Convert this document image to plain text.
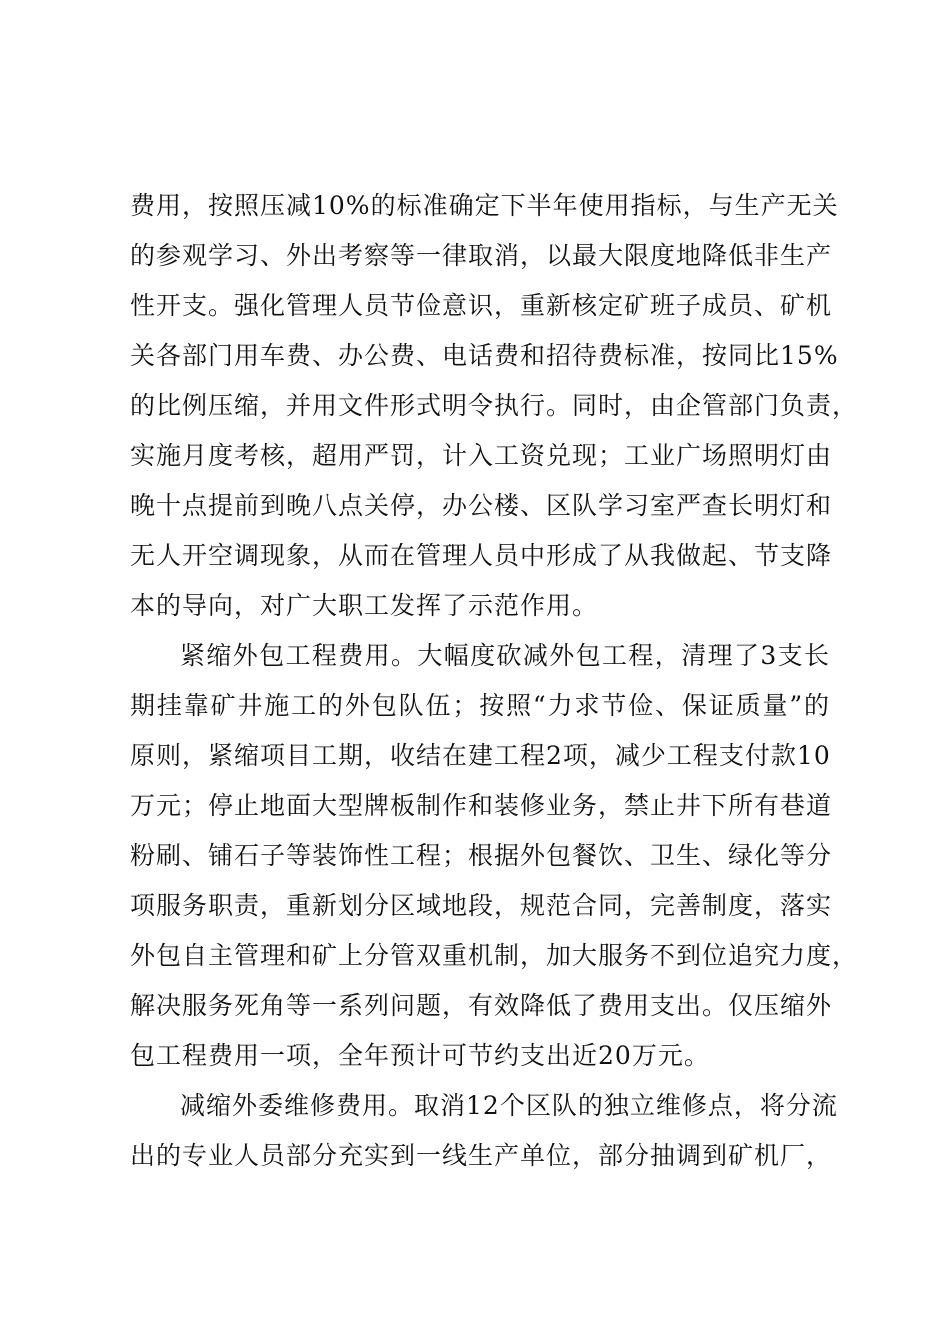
费用，按照压减10%的标准确定下半年使用指标，与生产无关
的参观学习、外出考察等一律取消，以最大限度地降低非生产
性开支。强化管理人员节俭意识，重新核定矿班子成员、矿机
关各部门用车费、办公费、电话费和招待费标准，按同比15%
的比例压缩，并用文件形式明令执行。同时，由企管部门负责，
实施月度考核，超用严罚，计入工资兑现；工业广场照明灯由
晚十点提前到晚八点关停，办公楼、区队学习室严查长明灯和
无人开空调现象，从而在管理人员中形成了从我做起、节支降
本的导向，对广大职工发挥了示范作用。
紧缩外包工程费用。大幅度砍减外包工程，清理了3支长
期挂靠矿井施工的外包队伍；按照“力求节俭、保证质量”的
原则，紧缩项目工期，收结在建工程2项，减少工程支付款10
万元；停止地面大型牌板制作和装修业务，禁止井下所有巷道
粉刷、铺石子等装饰性工程；根据外包餐饮、卫生、绿化等分
项服务职责，重新划分区域地段，规范合同，完善制度，落实
外包自主管理和矿上分管双重机制，加大服务不到位追究力度，
解决服务死角等一系列问题，有效降低了费用支出。仅压缩外
包工程费用一项，全年预计可节约支出近20万元。
减缩外委维修费用。取消12个区队的独立维修点，将分流
出的专业人员部分充实到一线生产单位，部分抽调到矿机厂，
